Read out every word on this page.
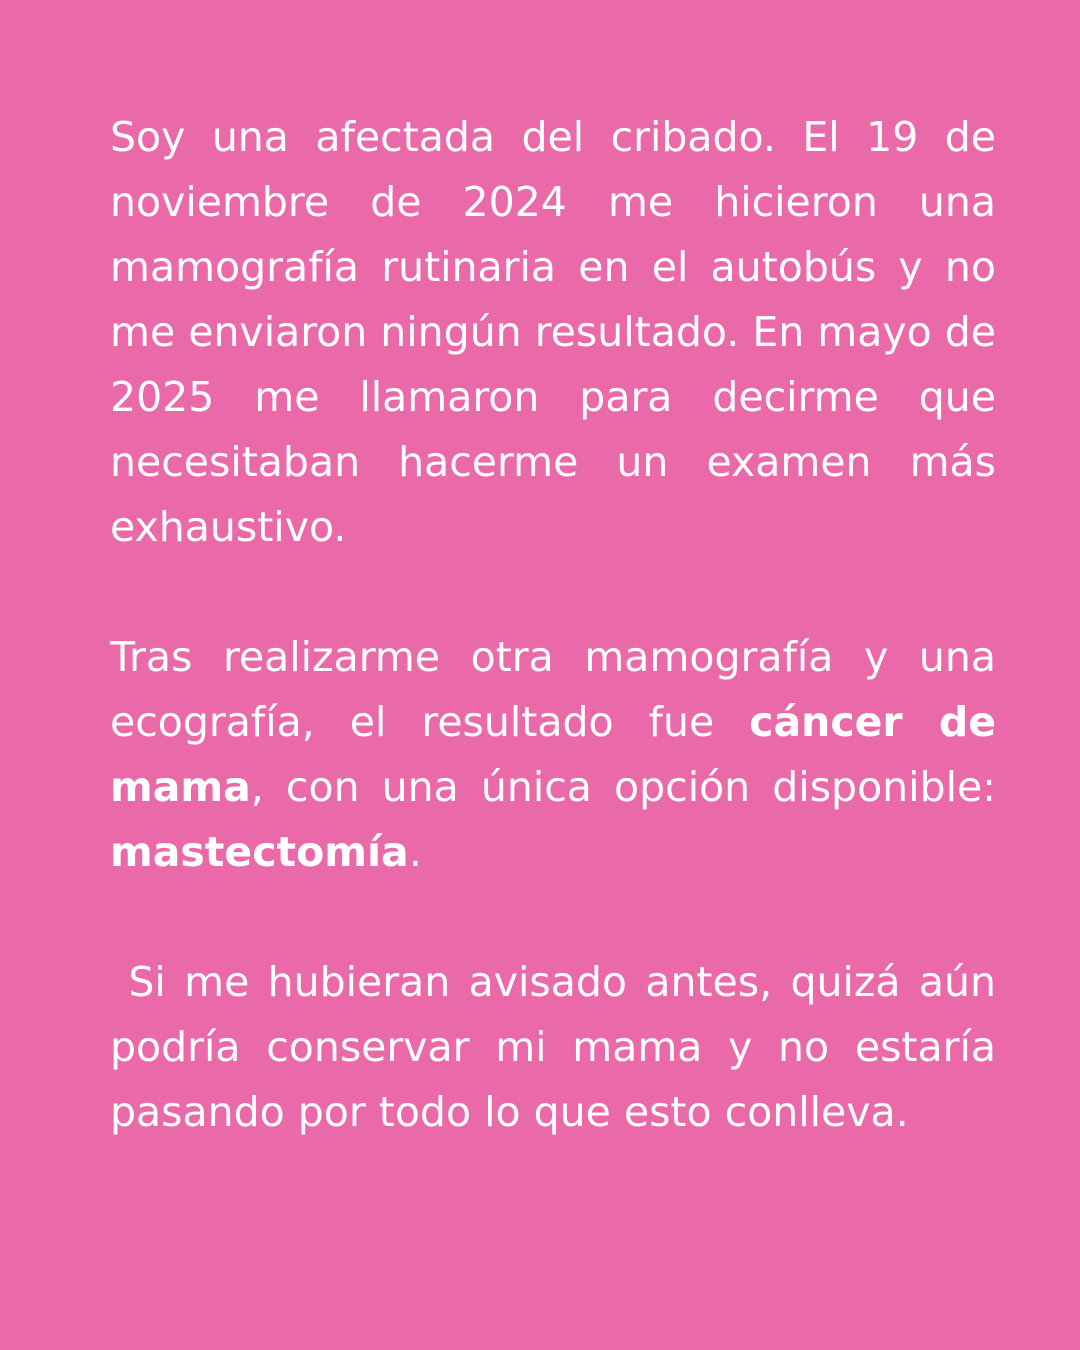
Soy una afectada del cribado. El 19 de noviembre de 2024 me hicieron una mamografía rutinaria en el autobús y no me enviaron ningún resultado. En mayo de 2025 me llamaron para decirme que necesitaban hacerme un examen más exhaustivo.

Tras realizarme otra mamografía y una ecografía, el resultado fue cáncer de mama, con una única opción disponible: mastectomía.

Si me hubieran avisado antes, quizá aún podría conservar mi mama y no estaría pasando por todo lo que esto conlleva.
